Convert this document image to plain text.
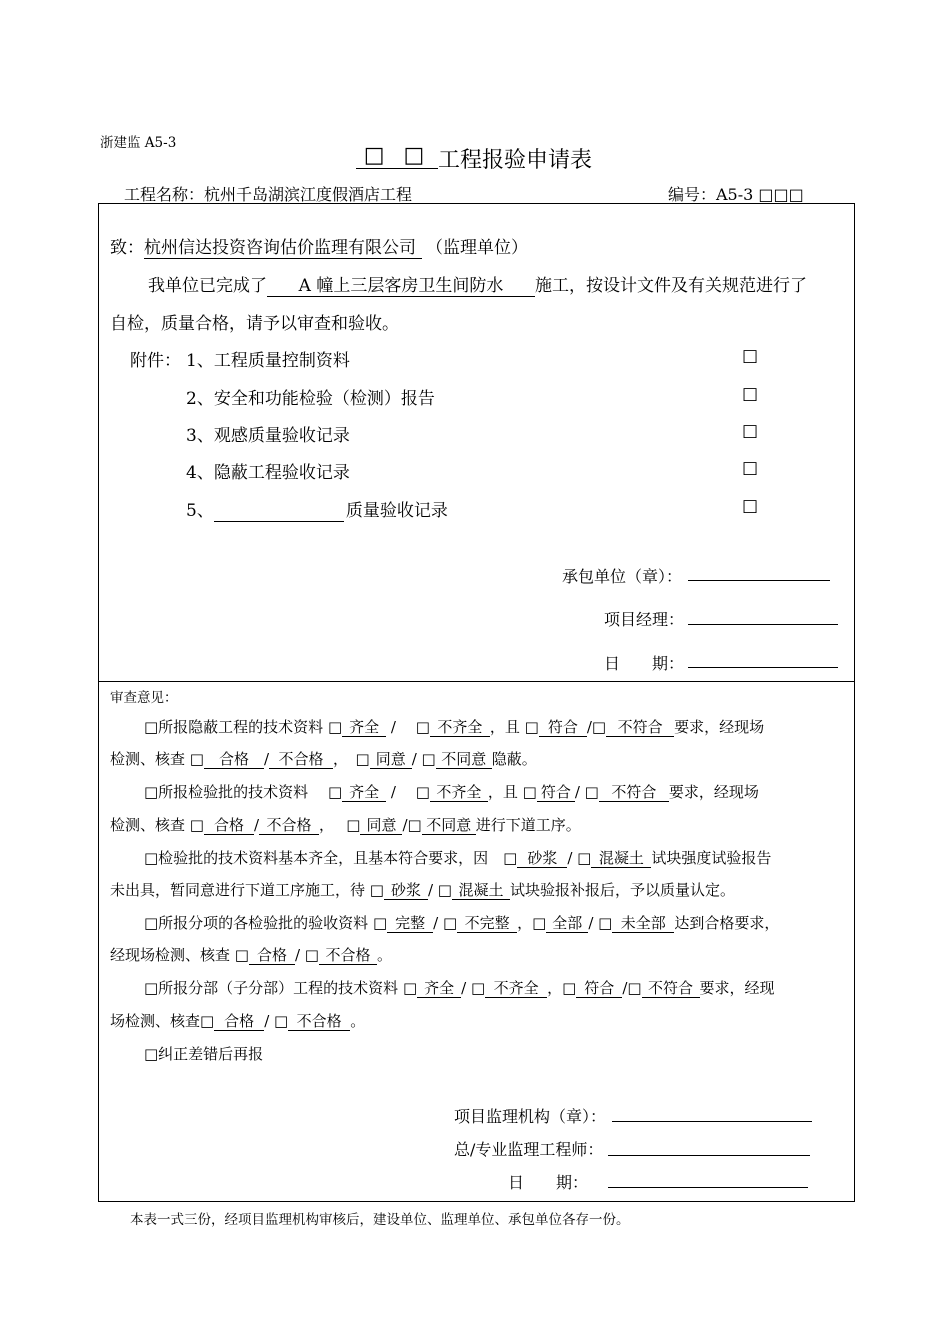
浙建监 A5-3	□ □ 工程报验申请表
工程名称：杭州千岛湖滨江度假酒店工程	编号：A5-3 □□□
致：杭州信达投资咨询估价监理有限公司 （监理单位）
我单位已完成了 A 幢上三层客房卫生间防水 施工，按设计文件及有关规范进行了
自检，质量合格，请予以审查和验收。
附件： 1、工程质量控制资料	□
2、安全和功能检验（检测）报告	□
3、观感质量验收记录	□
4、隐蔽工程验收记录	□
5、	质量验收记录	□
承包单位（章）：
项目经理：
日　　期：
审查意见：
□所报隐蔽工程的技术资料 □ 齐全 /　 □ 不齐全 ，且 □ 符合 /□ 不符合 要求，经现场
检测、核查 □ 合格 / 不合格 ，　□ 同意 / □ 不同意 隐蔽。
□所报检验批的技术资料　 □ 齐全 /　 □ 不齐全 ，且 □ 符合 / □ 不符合 要求，经现场
检测、核查 □ 合格 / 不合格 ，　 □ 同意 /□ 不同意 进行下道工序。
□检验批的技术资料基本齐全，且基本符合要求，因　□ 砂浆 / □ 混凝土 试块强度试验报告
未出具，暂同意进行下道工序施工，待 □ 砂浆 / □ 混凝土 试块验报补报后，予以质量认定。
□所报分项的各检验批的验收资料 □ 完整 / □ 不完整 ，□ 全部 / □ 未全部 达到合格要求，
经现场检测、核查 □ 合格 / □ 不合格 。
□所报分部（子分部）工程的技术资料 □ 齐全 / □ 不齐全 ，□ 符合 /□ 不符合 要求，经现
场检测、核查□ 合格 / □ 不合格 。
□纠正差错后再报
项目监理机构（章）：
总/专业监理工程师：
日　　期：
本表一式三份，经项目监理机构审核后，建设单位、监理单位、承包单位各存一份。
